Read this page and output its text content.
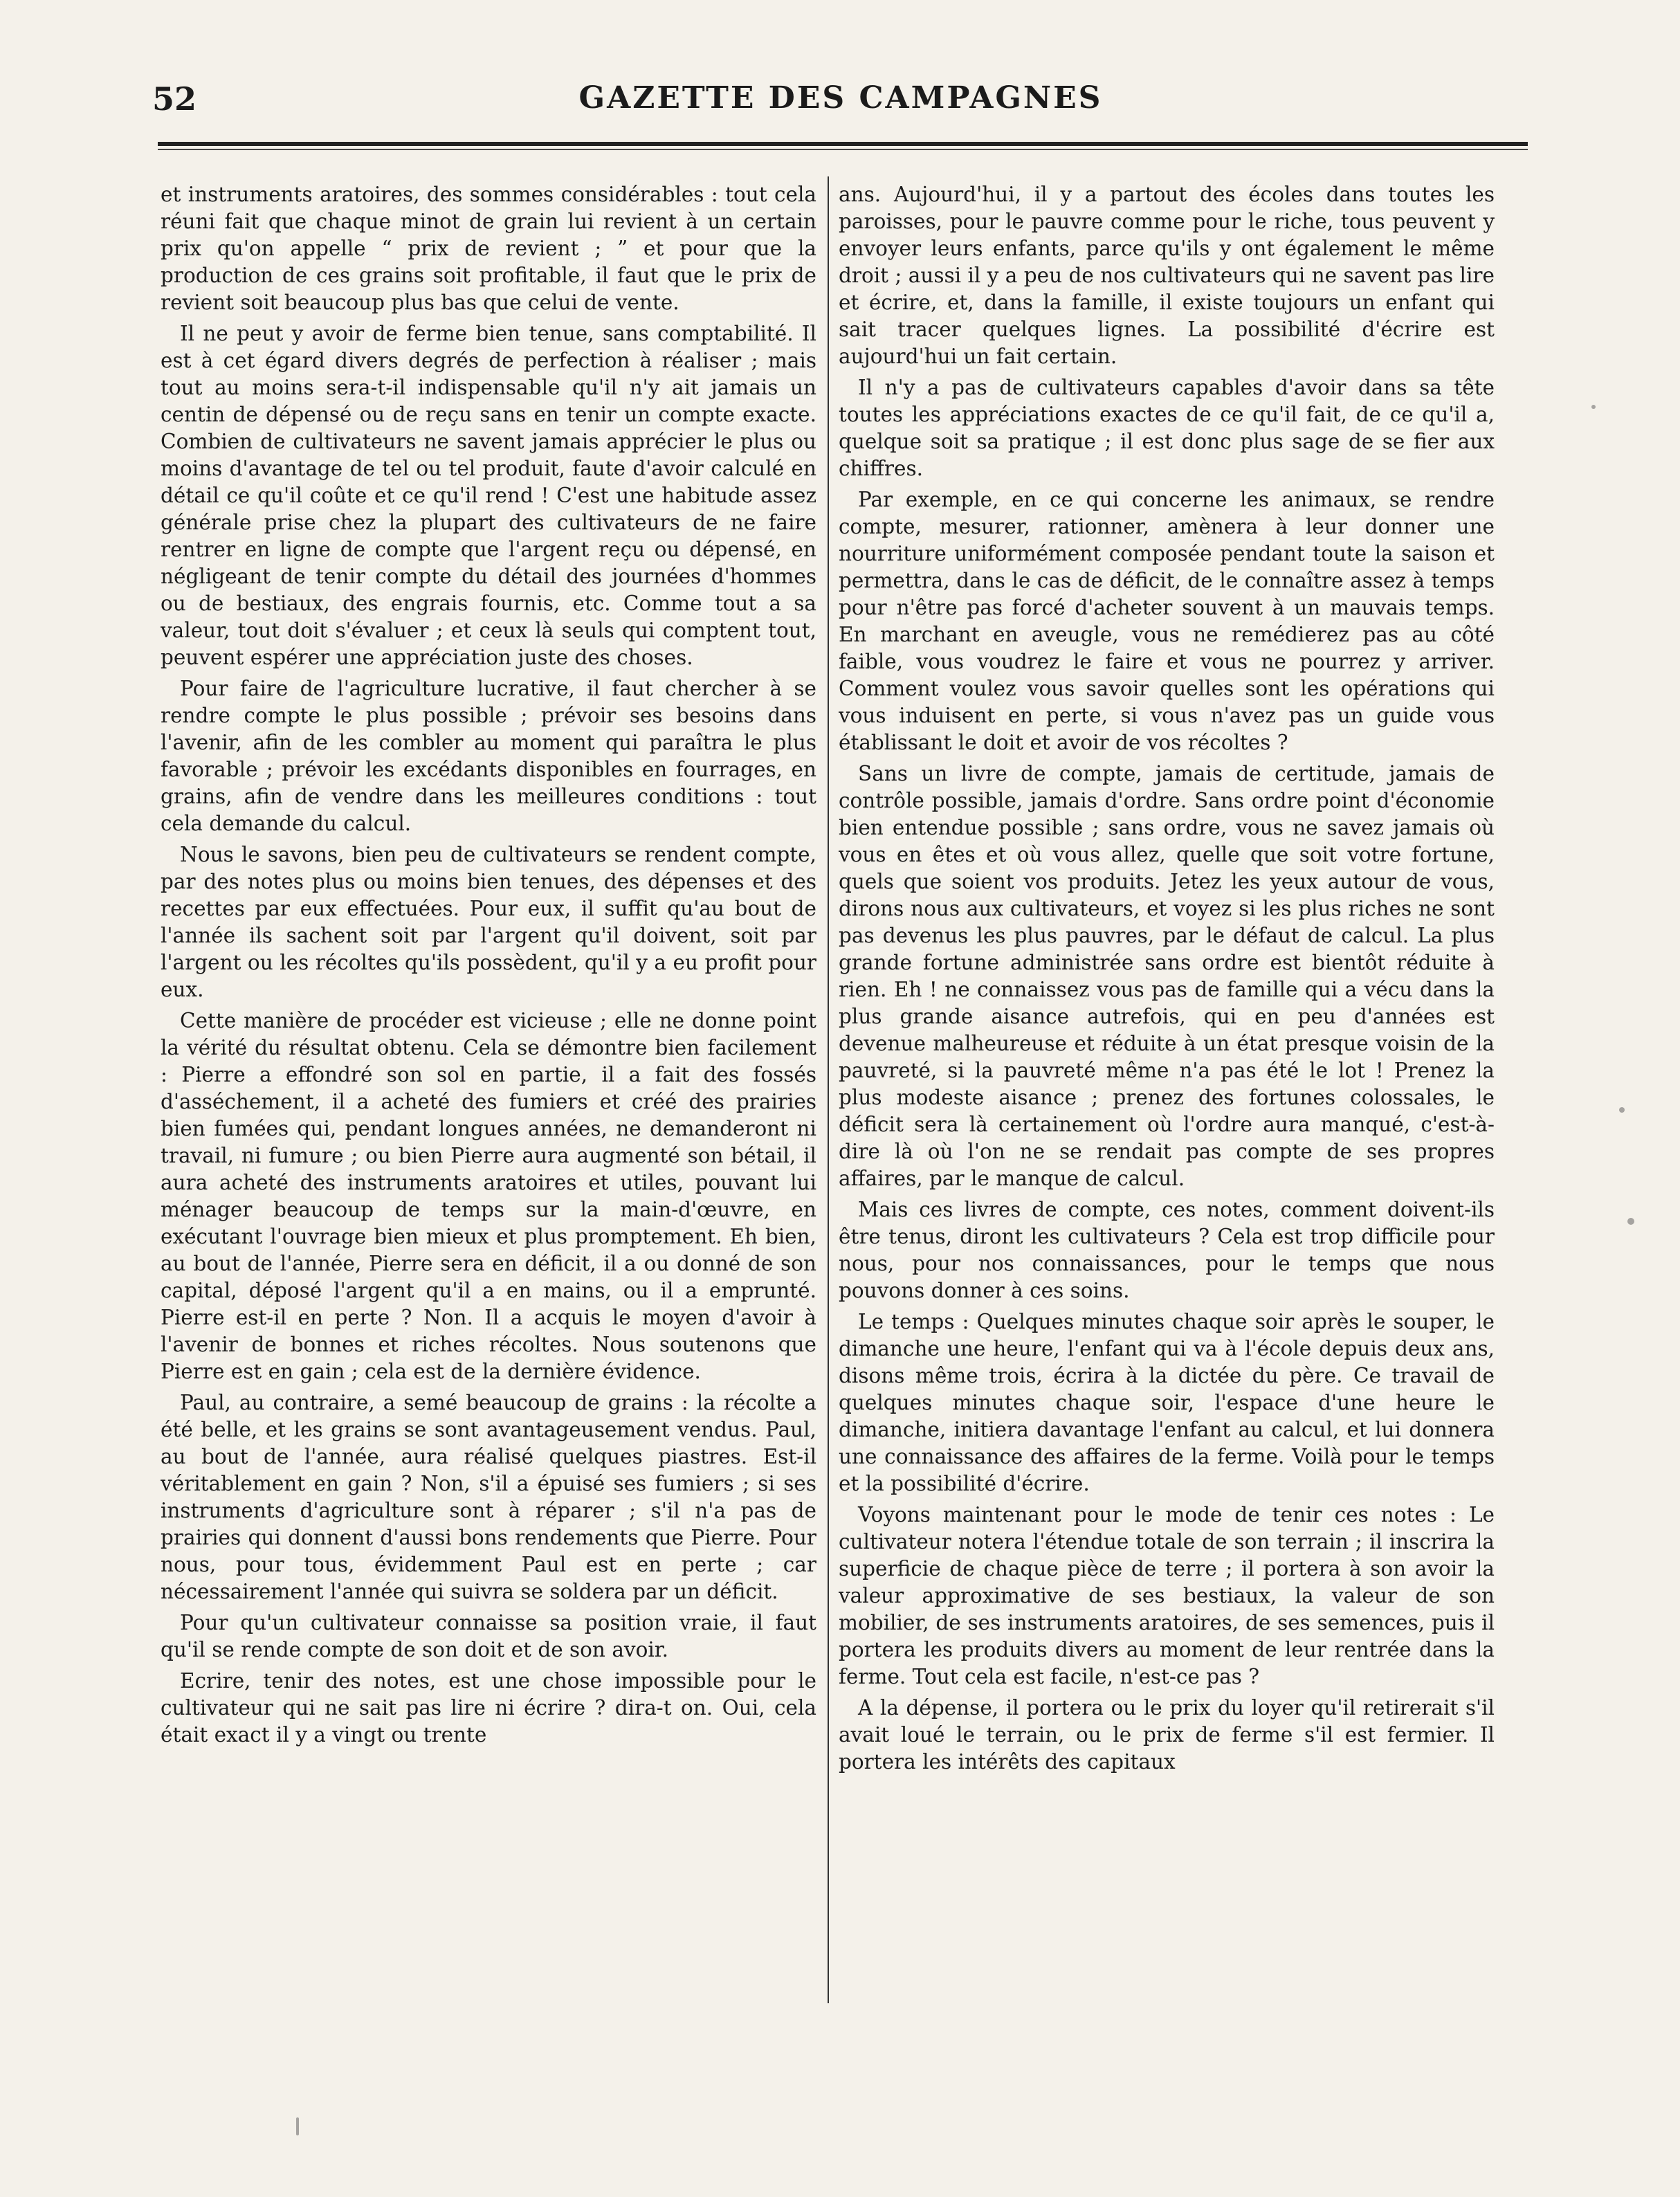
52	GAZETTE DES CAMPAGNES

et instruments aratoires, des sommes considérables : tout cela réuni fait que chaque minot de grain lui revient à un certain prix qu'on appelle “ prix de revient ; ” et pour que la production de ces grains soit profitable, il faut que le prix de revient soit beaucoup plus bas que celui de vente.

Il ne peut y avoir de ferme bien tenue, sans comptabilité. Il est à cet égard divers degrés de perfection à réaliser ; mais tout au moins sera-t-il indispensable qu'il n'y ait jamais un centin de dépensé ou de reçu sans en tenir un compte exacte. Combien de cultivateurs ne savent jamais apprécier le plus ou moins d'avantage de tel ou tel produit, faute d'avoir calculé en détail ce qu'il coûte et ce qu'il rend ! C'est une habitude assez générale prise chez la plupart des cultivateurs de ne faire rentrer en ligne de compte que l'argent reçu ou dépensé, en négligeant de tenir compte du détail des journées d'hommes ou de bestiaux, des engrais fournis, etc. Comme tout a sa valeur, tout doit s'évaluer ; et ceux là seuls qui comptent tout, peuvent espérer une appréciation juste des choses.

Pour faire de l'agriculture lucrative, il faut chercher à se rendre compte le plus possible ; prévoir ses besoins dans l'avenir, afin de les combler au moment qui paraîtra le plus favorable ; prévoir les excédants disponibles en fourrages, en grains, afin de vendre dans les meilleures conditions : tout cela demande du calcul.

Nous le savons, bien peu de cultivateurs se rendent compte, par des notes plus ou moins bien tenues, des dépenses et des recettes par eux effectuées. Pour eux, il suffit qu'au bout de l'année ils sachent soit par l'argent qu'il doivent, soit par l'argent ou les récoltes qu'ils possèdent, qu'il y a eu profit pour eux.

Cette manière de procéder est vicieuse ; elle ne donne point la vérité du résultat obtenu. Cela se démontre bien facilement : Pierre a effondré son sol en partie, il a fait des fossés d'asséchement, il a acheté des fumiers et créé des prairies bien fumées qui, pendant longues années, ne demanderont ni travail, ni fumure ; ou bien Pierre aura augmenté son bétail, il aura acheté des instruments aratoires et utiles, pouvant lui ménager beaucoup de temps sur la main-d'œuvre, en exécutant l'ouvrage bien mieux et plus promptement. Eh bien, au bout de l'année, Pierre sera en déficit, il a ou donné de son capital, déposé l'argent qu'il a en mains, ou il a emprunté. Pierre est-il en perte ? Non. Il a acquis le moyen d'avoir à l'avenir de bonnes et riches récoltes. Nous soutenons que Pierre est en gain ; cela est de la dernière évidence.

Paul, au contraire, a semé beaucoup de grains : la récolte a été belle, et les grains se sont avantageusement vendus. Paul, au bout de l'année, aura réalisé quelques piastres. Est-il véritablement en gain ? Non, s'il a épuisé ses fumiers ; si ses instruments d'agriculture sont à réparer ; s'il n'a pas de prairies qui donnent d'aussi bons rendements que Pierre. Pour nous, pour tous, évidemment Paul est en perte ; car nécessairement l'année qui suivra se soldera par un déficit.

Pour qu'un cultivateur connaisse sa position vraie, il faut qu'il se rende compte de son doit et de son avoir.

Ecrire, tenir des notes, est une chose impossible pour le cultivateur qui ne sait pas lire ni écrire ? dira-t on. Oui, cela était exact il y a vingt ou trente

ans. Aujourd'hui, il y a partout des écoles dans toutes les paroisses, pour le pauvre comme pour le riche, tous peuvent y envoyer leurs enfants, parce qu'ils y ont également le même droit ; aussi il y a peu de nos cultivateurs qui ne savent pas lire et écrire, et, dans la famille, il existe toujours un enfant qui sait tracer quelques lignes. La possibilité d'écrire est aujourd'hui un fait certain.

Il n'y a pas de cultivateurs capables d'avoir dans sa tête toutes les appréciations exactes de ce qu'il fait, de ce qu'il a, quelque soit sa pratique ; il est donc plus sage de se fier aux chiffres.

Par exemple, en ce qui concerne les animaux, se rendre compte, mesurer, rationner, amènera à leur donner une nourriture uniformément composée pendant toute la saison et permettra, dans le cas de déficit, de le connaître assez à temps pour n'être pas forcé d'acheter souvent à un mauvais temps. En marchant en aveugle, vous ne remédierez pas au côté faible, vous voudrez le faire et vous ne pourrez y arriver. Comment voulez vous savoir quelles sont les opérations qui vous induisent en perte, si vous n'avez pas un guide vous établissant le doit et avoir de vos récoltes ?

Sans un livre de compte, jamais de certitude, jamais de contrôle possible, jamais d'ordre. Sans ordre point d'économie bien entendue possible ; sans ordre, vous ne savez jamais où vous en êtes et où vous allez, quelle que soit votre fortune, quels que soient vos produits. Jetez les yeux autour de vous, dirons nous aux cultivateurs, et voyez si les plus riches ne sont pas devenus les plus pauvres, par le défaut de calcul. La plus grande fortune administrée sans ordre est bientôt réduite à rien. Eh ! ne connaissez vous pas de famille qui a vécu dans la plus grande aisance autrefois, qui en peu d'années est devenue malheureuse et réduite à un état presque voisin de la pauvreté, si la pauvreté même n'a pas été le lot ! Prenez la plus modeste aisance ; prenez des fortunes colossales, le déficit sera là certainement où l'ordre aura manqué, c'est-à-dire là où l'on ne se rendait pas compte de ses propres affaires, par le manque de calcul.

Mais ces livres de compte, ces notes, comment doivent-ils être tenus, diront les cultivateurs ? Cela est trop difficile pour nous, pour nos connaissances, pour le temps que nous pouvons donner à ces soins.

Le temps : Quelques minutes chaque soir après le souper, le dimanche une heure, l'enfant qui va à l'école depuis deux ans, disons même trois, écrira à la dictée du père. Ce travail de quelques minutes chaque soir, l'espace d'une heure le dimanche, initiera davantage l'enfant au calcul, et lui donnera une connaissance des affaires de la ferme. Voilà pour le temps et la possibilité d'écrire.

Voyons maintenant pour le mode de tenir ces notes : Le cultivateur notera l'étendue totale de son terrain ; il inscrira la superficie de chaque pièce de terre ; il portera à son avoir la valeur approximative de ses bestiaux, la valeur de son mobilier, de ses instruments aratoires, de ses semences, puis il portera les produits divers au moment de leur rentrée dans la ferme. Tout cela est facile, n'est-ce pas ?

A la dépense, il portera ou le prix du loyer qu'il retirerait s'il avait loué le terrain, ou le prix de ferme s'il est fermier. Il portera les intérêts des capitaux
